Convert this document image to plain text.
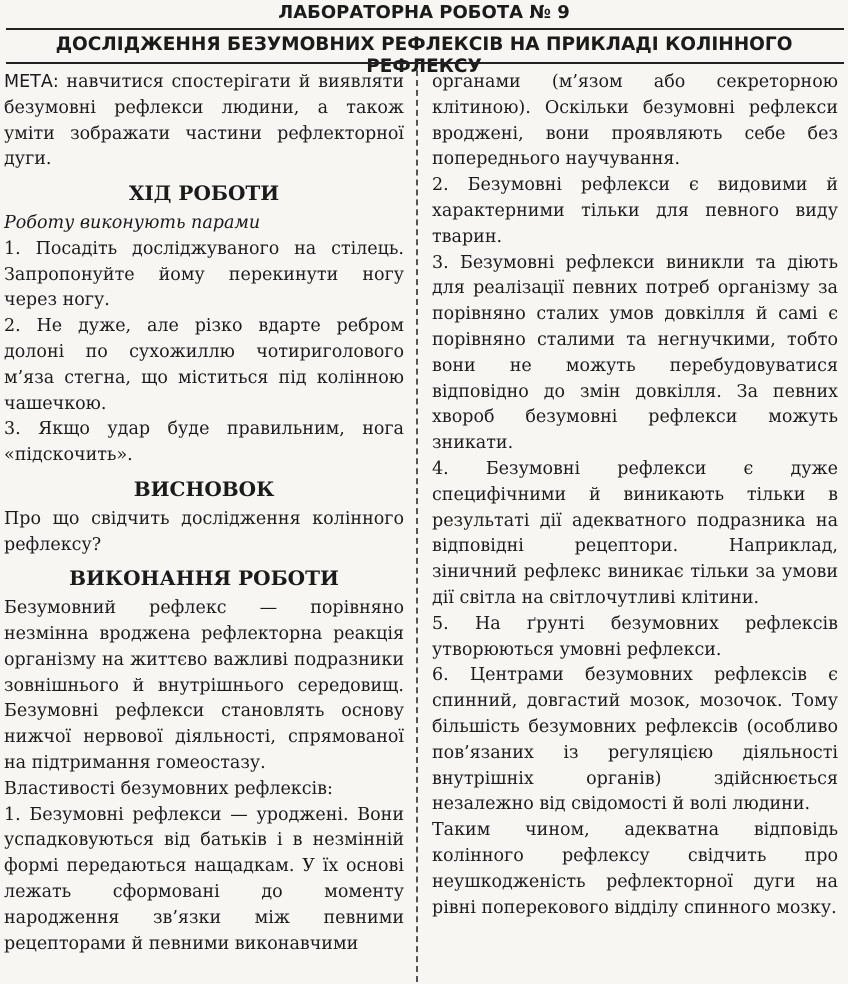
ЛАБОРАТОРНА РОБОТА № 9
ДОСЛІДЖЕННЯ БЕЗУМОВНИХ РЕФЛЕКСІВ НА ПРИКЛАДІ КОЛІННОГО РЕФЛЕКСУ

МЕТА: навчитися спостерігати й виявляти безумовні рефлекси людини, а також уміти зображати частини рефлекторної дуги.

ХІД РОБОТИ

Роботу виконують парами

1. Посадіть досліджуваного на стілець. Запропонуйте йому перекинути ногу через ногу.

2. Не дуже, але різко вдарте ребром долоні по сухожиллю чотириголового м’яза стегна, що міститься під колінною чашечкою.

3. Якщо удар буде правильним, нога «підскочить».

ВИСНОВОК

Про що свідчить дослідження колінного рефлексу?

ВИКОНАННЯ РОБОТИ

Безумовний рефлекс — порівняно незмінна вроджена рефлекторна реакція організму на життєво важливі подразники зовнішнього й внутрішнього середовищ. Безумовні рефлекси становлять основу нижчої нервової діяльності, спрямованої на підтримання гомеостазу.

Властивості безумовних рефлексів:

1. Безумовні рефлекси — уроджені. Вони успадковуються від батьків і в незмінній формі передаються нащадкам. У їх основі лежать сформовані до моменту народження зв’язки між певними рецепторами й певними виконавчими

органами (м’язом або секреторною клітиною). Оскільки безумовні рефлекси вроджені, вони проявляють себе без попереднього научування.

2. Безумовні рефлекси є видовими й характерними тільки для певного виду тварин.

3. Безумовні рефлекси виникли та діють для реалізації певних потреб організму за порівняно сталих умов довкілля й самі є порівняно сталими та негнучкими, тобто вони не можуть перебудовуватися відповідно до змін довкілля. За певних хвороб безумовні рефлекси можуть зникати.

4. Безумовні рефлекси є дуже специфічними й виникають тільки в результаті дії адекватного подразника на відповідні рецептори. Наприклад, зіничний рефлекс виникає тільки за умови дії світла на світлочутливі клітини.

5. На ґрунті безумовних рефлексів утворюються умовні рефлекси.

6. Центрами безумовних рефлексів є спинний, довгастий мозок, мозочок. Тому більшість безумовних рефлексів (особливо пов’язаних із регуляцією діяльності внутрішніх органів) здійснюється незалежно від свідомості й волі людини.

Таким чином, адекватна відповідь колінного рефлексу свідчить про неушкодженість рефлекторної дуги на рівні поперекового відділу спинного мозку.
